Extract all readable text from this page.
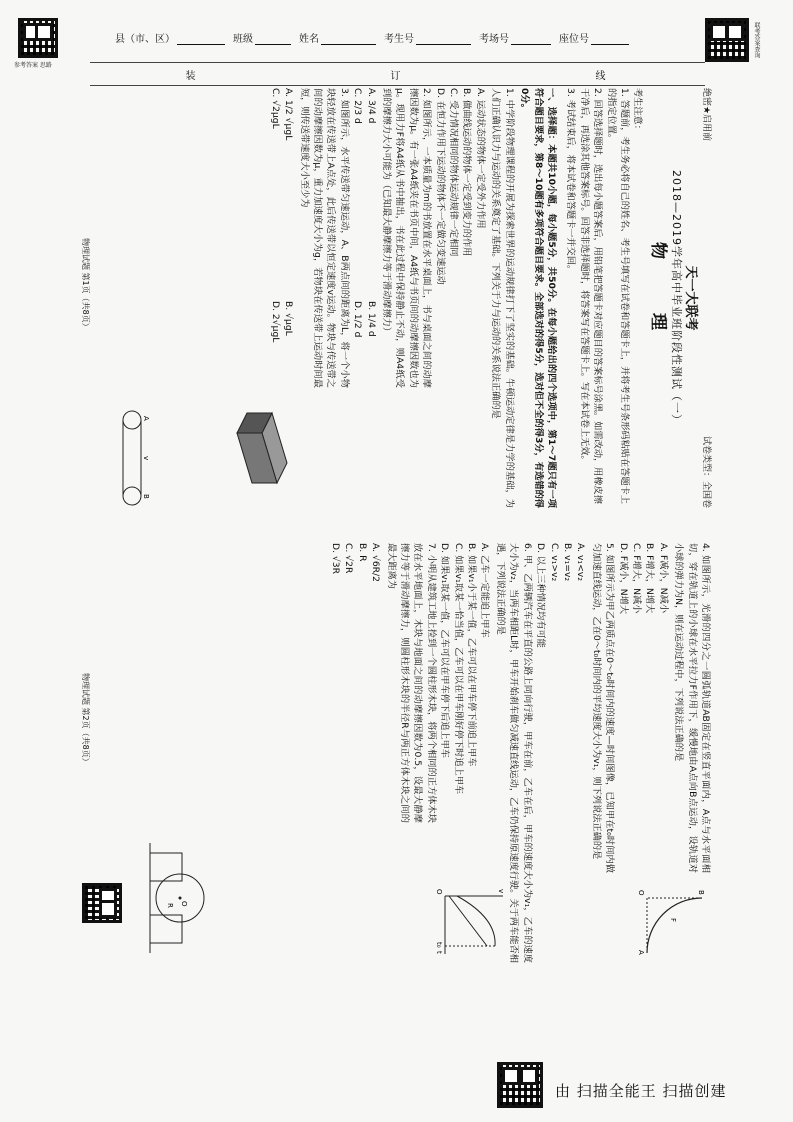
参考答案 思路
联考答案查询
县（市、区）	班级	姓名	考生号	考场号	座位号
装	订	线
绝密★启用前
试卷类型：全国卷
天一大联考
2018—2019学年高中毕业班阶段性测试（一）
物 理

考生注意：

1. 答题前，考生务必将自己的姓名、考生号填写在试卷和答题卡上，并将考生号条形码粘贴在答题卡上的指定位置。

2. 回答选择题时，选出每小题答案后，用铅笔把答题卡对应题目的答案标号涂黑。如需改动，用橡皮擦干净后，再选涂其他答案标号。回答非选择题时，将答案写在答题卡上。写在本试卷上无效。

3. 考试结束后，将本试卷和答题卡一并交回。

一、选择题：本题共10小题，每小题5分，共50分。在每小题给出的四个选项中，第1～7题只有一项符合题目要求，第8～10题有多项符合题目要求。全部选对的得5分，选对但不全的得3分，有选错的得0分。

1. 中学阶段物理课程的开展为探索世界的运动规律打下了坚实的基础。牛顿运动定律是力学的基础，为人们正确认识力与运动的关系奠定了基础。下列关于力与运动的关系说法正确的是

A. 运动状态的物体一定受外力作用
B. 做曲线运动的物体一定受到变力的作用
C. 受力情况相同的物体运动规律一定相同
D. 在恒力作用下运动的物体不一定做匀变速运动

2. 如图所示，一本质量为m的书放置在水平桌面上，书与桌面之间的动摩擦因数为μ。有一张A4纸夹在书页中间，A4纸与书页间的动摩擦因数也为μ。现用力F将A4纸从书中抽出，书在此过程中保持静止不动，则A4纸受到的摩擦力大小可能为（已知最大静摩擦力等于滑动摩擦力）

A. 3/4 d
B. 1/4 d
C. 2/3 d
D. 1/2 d

3. 如图所示，水平传送带匀速运动，A、B两点间的距离为L，将一个小物块轻放在传送带上A点处，此后传送带以恒定速度v运动。物块与传送带之间的动摩擦因数为μ，重力加速度大小为g，若物块在传送带上运动时间最短，则传送带速度大小至少为

A
B
v
A. 1/2 √μgL
B. √μgL
C. √2μgL
D. 2√μgL
物理试题 第1页（共8页）

4. 如图所示，光滑的四分之一圆弧轨道AB固定在竖直平面内，A点与水平面相切，穿在轨道上的小球在水平拉力F作用下，缓慢地由A点向B点运动，设轨道对小球的弹力为N，则在运动过程中，下列说法正确的是

B
A
F
O
A. F减小，N减小
B. F增大，N增大
C. F增大，N减小
D. F减小，N增大

5. 如图所示为甲乙两质点在0～t₀时间内的速度—时间图像，已知甲在t₀时间内做匀加速直线运动，乙在0～t₀时间内的平均速度大小为v₁，则下列说法正确的是

v
t
O
t₀
A. v₁<v₂
B. v₁=v₂
C. v₁>v₂
D. 以上三种情况均有可能

6. 甲、乙两辆汽车在平直的公路上同向行驶，甲车在前，乙车在后，甲车的速度大小为v₁，乙车的速度大小为v₂，当两车相距L时，甲车开始刹车做匀减速直线运动，乙车仍保持原速度行驶。关于两车能否相遇，下列说法正确的是

A. 乙车一定能追上甲车
B. 如果v₁小于某一值，乙车可以在甲车停下前追上甲车
C. 如果v₁取某一恰当值，乙车可以在甲车刚好停下时追上甲车
D. 如果v₁取某一值，乙车可以在甲车停下后追上甲车

7. 小明从建筑工地上捡到一个圆柱形木块，将两个相同的正方体木块放在水平地面上，木块与地面之间的动摩擦因数为0.5，设最大静摩擦力等于滑动摩擦力，则圆柱形木块的半径R与两正方体木块之间的最大距离为

O
R
A. √6R/2
B. R
C. √2R
D. √3R
物理试题 第2页（共8页）
由 扫描全能王 扫描创建
